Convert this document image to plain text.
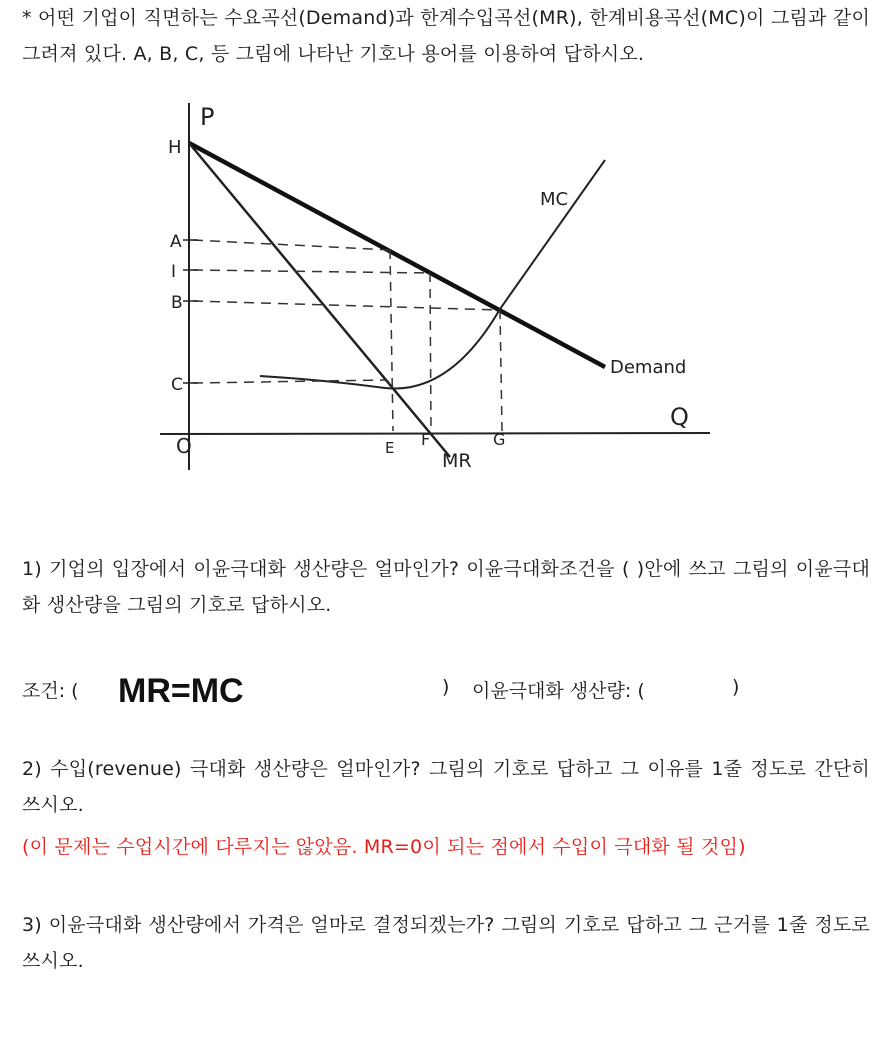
* 어떤 기업이 직면하는 수요곡선(Demand)과 한계수입곡선(MR), 한계비용곡선(MC)이 그림과 같이 그려져 있다. A, B, C, 등 그림에 나타난 기호나 용어를 이용하여 답하시오.
P
H
A
I
B
C
O	E F	G
Q
MC
Demand
MR
1) 기업의 입장에서 이윤극대화 생산량은 얼마인가? 이윤극대화조건을 ( )안에 쓰고 그림의 이윤극대화 생산량을 그림의 기호로 답하시오.
조건: ( MR=MC	) 이윤극대화 생산량: (	)
2) 수입(revenue) 극대화 생산량은 얼마인가? 그림의 기호로 답하고 그 이유를 1줄 정도로 간단히 쓰시오.
(이 문제는 수업시간에 다루지는 않았음. MR=0이 되는 점에서 수입이 극대화 될 것임)
3) 이윤극대화 생산량에서 가격은 얼마로 결정되겠는가? 그림의 기호로 답하고 그 근거를 1줄 정도로 쓰시오.
